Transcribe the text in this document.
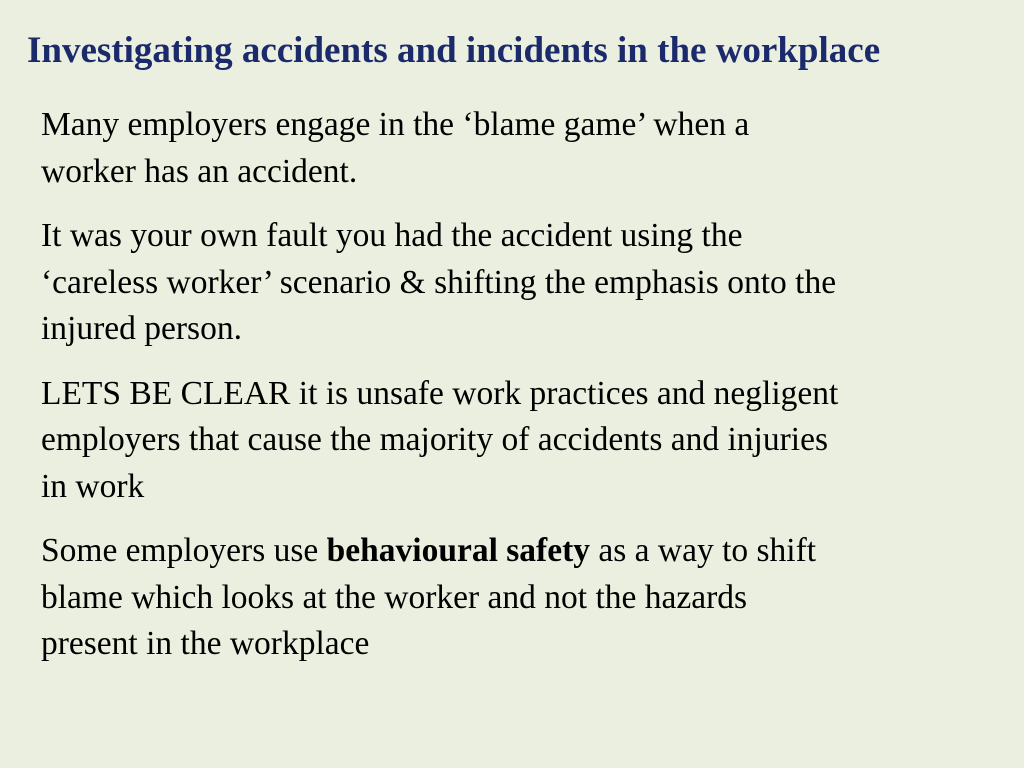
Investigating accidents and incidents in the workplace

Many employers engage in the ‘blame game’ when a
worker has an accident.

It was your own fault you had the accident using the
‘careless worker’ scenario & shifting the emphasis onto the
injured person.

LETS BE CLEAR it is unsafe work practices and negligent
employers that cause the majority of accidents and injuries
in work

Some employers use behavioural safety as a way to shift
blame which looks at the worker and not the hazards
present in the workplace
